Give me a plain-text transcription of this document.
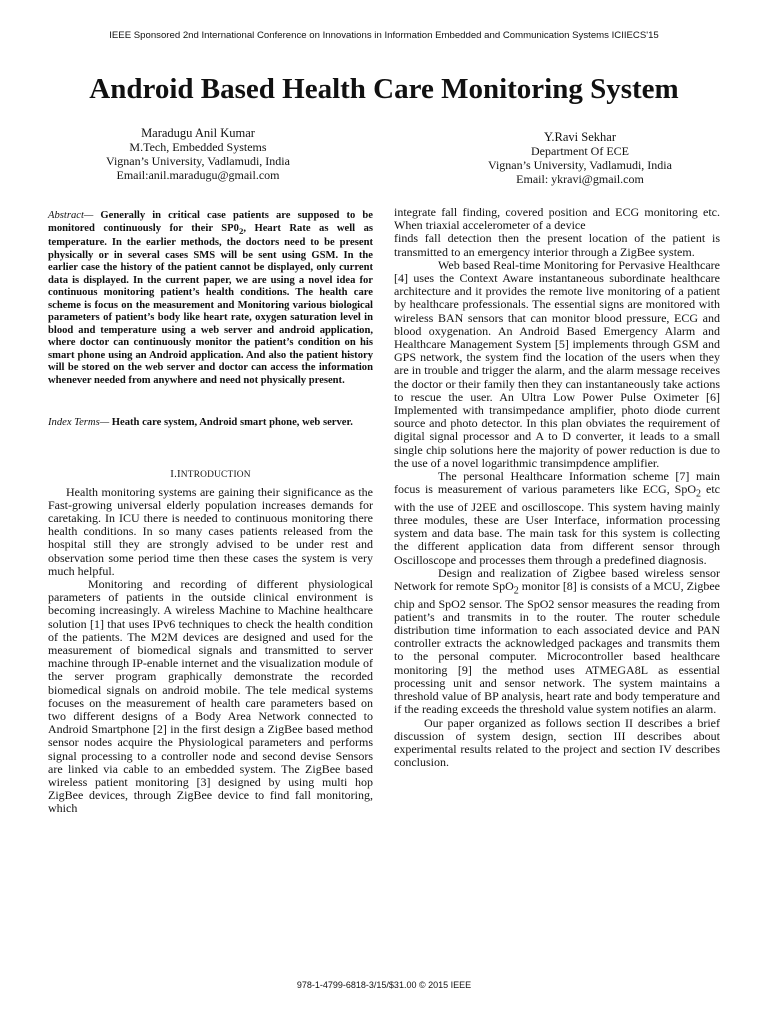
IEEE Sponsored 2nd International Conference on Innovations in Information Embedded and Communication Systems ICIIECS'15
Android Based Health Care Monitoring System
Maradugu Anil Kumar
M.Tech, Embedded Systems
Vignan’s University, Vadlamudi, India
Email:anil.maradugu@gmail.com
Y.Ravi Sekhar
Department Of ECE
Vignan’s University, Vadlamudi, India
Email: ykravi@gmail.com
Abstract— Generally in critical case patients are supposed to be monitored continuously for their $SP0_2$, Heart Rate as well as temperature. In the earlier methods, the doctors need to be present physically or in several cases SMS will be sent using GSM. In the earlier case the history of the patient cannot be displayed, only current data is displayed. In the current paper, we are using a novel idea for continuous monitoring patient’s health conditions. The health care scheme is focus on the measurement and Monitoring various biological parameters of patient’s body like heart rate, oxygen saturation level in blood and temperature using a web server and android application, where doctor can continuously monitor the patient’s condition on his smart phone using an Android application. And also the patient history will be stored on the web server and doctor can access the information whenever needed from anywhere and need not physically present.
Index Terms— Heath care system, Android smart phone, web server.
I.INTRODUCTION

Health monitoring systems are gaining their significance as the Fast-growing universal elderly population increases demands for caretaking. In ICU there is needed to continuous monitoring there health conditions. In so many cases patients released from the hospital still they are strongly advised to be under rest and observation some period time then these cases the system is very much helpful.

Monitoring and recording of different physiological parameters of patients in the outside clinical environment is becoming increasingly. A wireless Machine to Machine healthcare solution [1] that uses IPv6 techniques to check the health condition of the patients. The M2M devices are designed and used for the measurement of biomedical signals and transmitted to server machine through IP-enable internet and the visualization module of the server program graphically demonstrate the recorded biomedical signals on android mobile. The tele medical systems focuses on the measurement of health care parameters based on two different designs of a Body Area Network connected to Android Smartphone [2] in the first design a ZigBee based method sensor nodes acquire the Physiological parameters and performs signal processing to a controller node and second devise Sensors are linked via cable to an embedded system. The ZigBee based wireless patient monitoring [3] designed by using multi hop ZigBee devices, through ZigBee device to find fall monitoring, which

integrate fall finding, covered position and ECG monitoring etc. When triaxial accelerometer of a device

finds fall detection then the present location of the patient is transmitted to an emergency interior through a ZigBee system.

Web based Real-time Monitoring for Pervasive Healthcare [4] uses the Context Aware instantaneous subordinate healthcare architecture and it provides the remote live monitoring of a patient by healthcare professionals. The essential signs are monitored with wireless BAN sensors that can monitor blood pressure, ECG and blood oxygenation. An Android Based Emergency Alarm and Healthcare Management System [5] implements through GSM and GPS network, the system find the location of the users when they are in trouble and trigger the alarm, and the alarm message receives the doctor or their family then they can instantaneously take actions to rescue the user. An Ultra Low Power Pulse Oximeter [6] Implemented with transimpedance amplifier, photo diode current source and photo detector. In this plan obviates the requirement of digital signal processor and A to D converter, it leads to a small single chip solutions here the majority of power reduction is due to the use of a novel logarithmic transimpdence amplifier.

The personal Healthcare Information scheme [7] main focus is measurement of various parameters like ECG, SpO$_2$ etc with the use of J2EE and oscilloscope. This system having mainly three modules, these are User Interface, information processing system and data base. The main task for this system is collecting the different application data from different sensor through Oscilloscope and processes them through a predefined diagnosis.

Design and realization of Zigbee based wireless sensor Network for remote SpO$_2$ monitor [8] is consists of a MCU, Zigbee chip and SpO2 sensor. The SpO2 sensor measures the reading from patient’s and transmits in to the router. The router schedule distribution time information to each associated device and PAN controller extracts the acknowledged packages and transmits them to the personal computer. Microcontroller based healthcare monitoring [9] the method uses ATMEGA8L as essential processing unit and sensor network. The system maintains a threshold value of BP analysis, heart rate and body temperature and if the reading exceeds the threshold value system notifies an alarm.

Our paper organized as follows section II describes a brief discussion of system design, section III describes about experimental results related to the project and section IV describes conclusion.

978-1-4799-6818-3/15/$31.00 © 2015 IEEE
